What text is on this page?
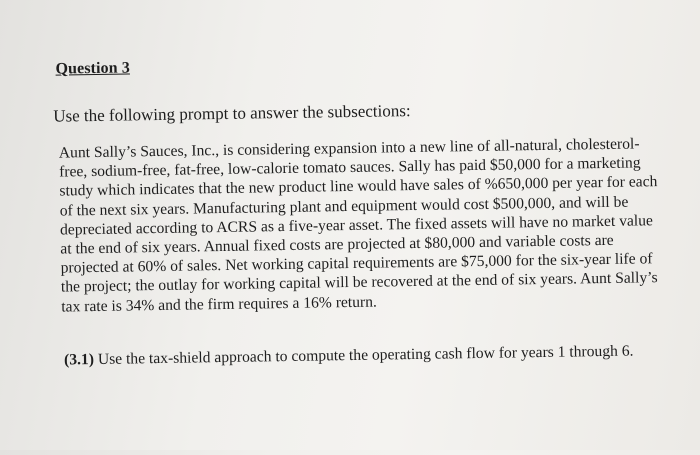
Question 3
Use the following prompt to answer the subsections:
Aunt Sally’s Sauces, Inc., is considering expansion into a new line of all-natural, cholesterol-
free, sodium-free, fat-free, low-calorie tomato sauces. Sally has paid $50,000 for a marketing
study which indicates that the new product line would have sales of %650,000 per year for each
of the next six years. Manufacturing plant and equipment would cost $500,000, and will be
depreciated according to ACRS as a five-year asset. The fixed assets will have no market value
at the end of six years. Annual fixed costs are projected at $80,000 and variable costs are
projected at 60% of sales. Net working capital requirements are $75,000 for the six-year life of
the project; the outlay for working capital will be recovered at the end of six years. Aunt Sally’s
tax rate is 34% and the firm requires a 16% return.
(3.1) Use the tax-shield approach to compute the operating cash flow for years 1 through 6.
